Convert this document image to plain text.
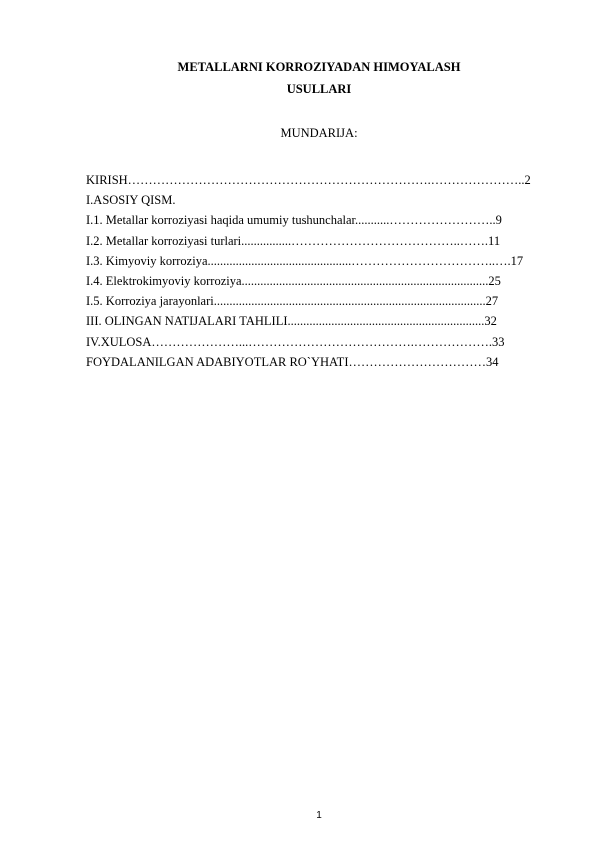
METALLARNI KORROZIYADAN HIMOYALASH
USULLARI
MUNDARIJA:
KIRISH……………………………………………………………….…………………..2
I.ASOSIY QISM.
I.1. Metallar korroziyasi haqida umumiy tushunchalar...........……………………..9
I.2. Metallar korroziyasi turlari................…………………………………..…….11
I.3. Kimyoviy korroziya..............................................……………………………..….17
I.4. Elektrokimyoviy korroziya...............................................................................25
I.5. Korroziya jarayonlari.......................................................................................27
III. OLINGAN NATIJALARI TAHLILI...............................................................32
IV.XULOSA…………………...………………………………….……………….33
FOYDALANILGAN ADABIYOTLAR RO`YHATI……………………………34
1
